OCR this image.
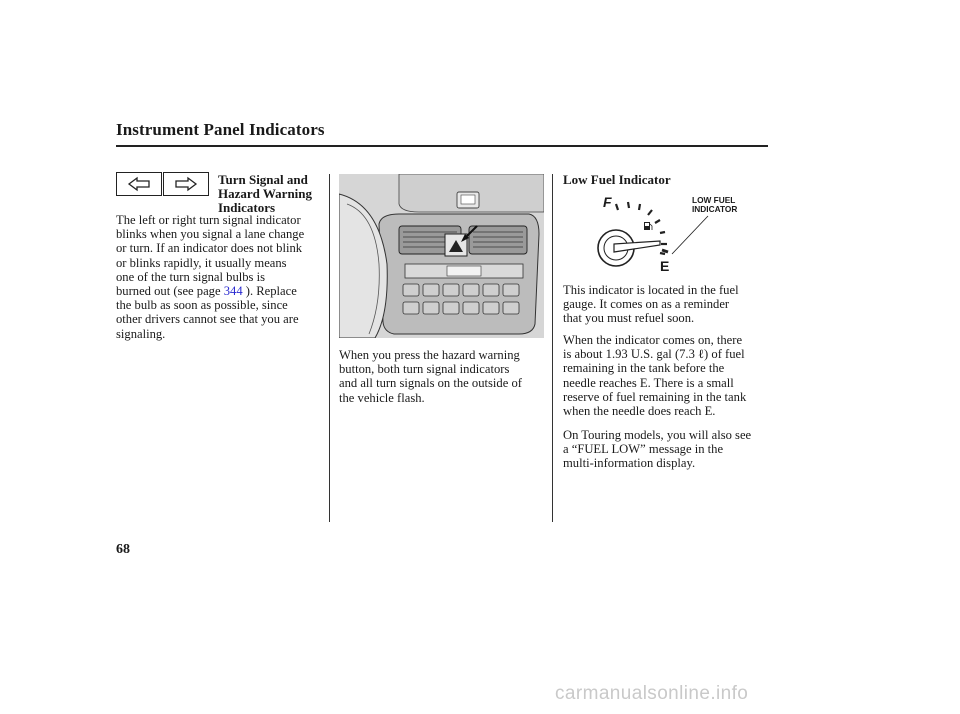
Instrument Panel Indicators
Turn Signal and
Hazard Warning
Indicators
The left or right turn signal indicator
blinks when you signal a lane change
or turn. If an indicator does not blink
or blinks rapidly, it usually means
one of the turn signal bulbs is
burned out (see page 344 ). Replace
the bulb as soon as possible, since
other drivers cannot see that you are
signaling.
When you press the hazard warning
button, both turn signal indicators
and all turn signals on the outside of
the vehicle flash.
Low Fuel Indicator
F
E
LOW FUEL
INDICATOR
This indicator is located in the fuel
gauge. It comes on as a reminder
that you must refuel soon.
When the indicator comes on, there
is about 1.93 U.S. gal (7.3 ℓ) of fuel
remaining in the tank before the
needle reaches E. There is a small
reserve of fuel remaining in the tank
when the needle does reach E.
On Touring models, you will also see
a “FUEL LOW” message in the
multi-information display.
68
carmanualsonline.info
